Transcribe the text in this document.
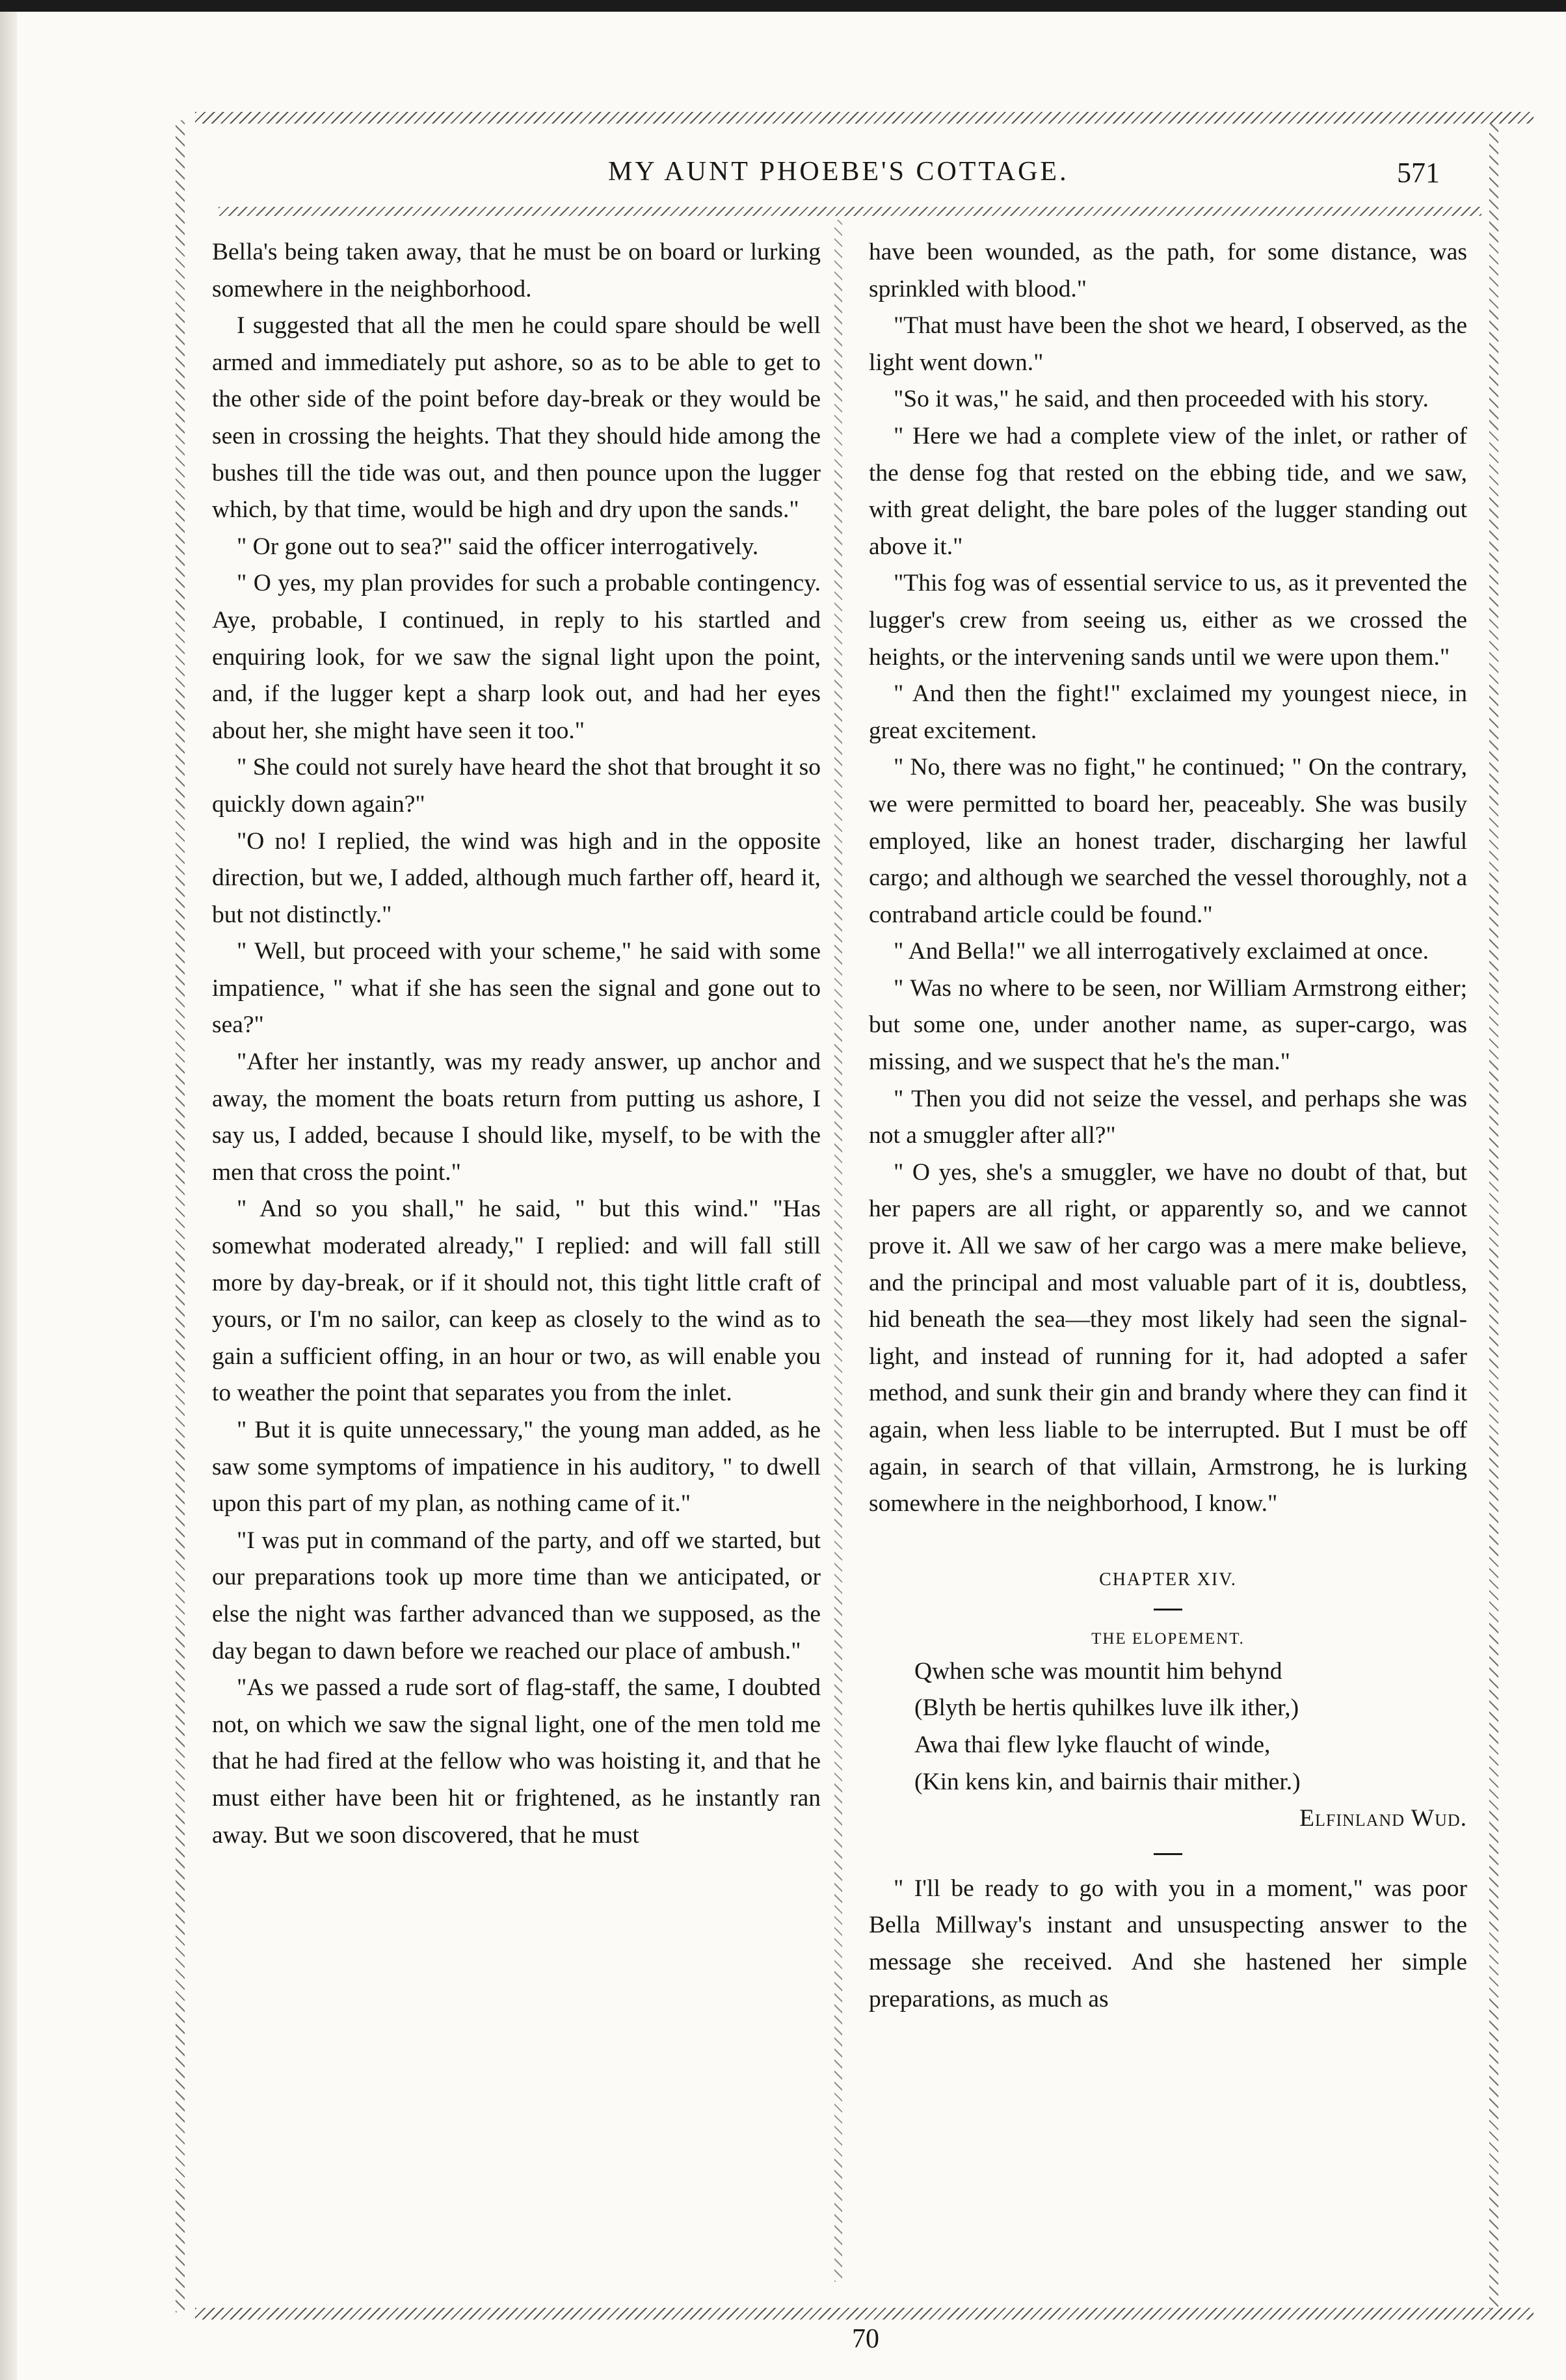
MY AUNT PHOEBE'S COTTAGE.	571

Bella's being taken away, that he must be on board or lurking somewhere in the neighborhood.

I suggested that all the men he could spare should be well armed and immediately put ashore, so as to be able to get to the other side of the point before day-break or they would be seen in crossing the heights. That they should hide among the bushes till the tide was out, and then pounce upon the lugger which, by that time, would be high and dry upon the sands."

" Or gone out to sea?" said the officer interrogatively.

" O yes, my plan provides for such a probable contingency. Aye, probable, I continued, in reply to his startled and enquiring look, for we saw the signal light upon the point, and, if the lugger kept a sharp look out, and had her eyes about her, she might have seen it too."

" She could not surely have heard the shot that brought it so quickly down again?"

"O no! I replied, the wind was high and in the opposite direction, but we, I added, although much farther off, heard it, but not distinctly."

" Well, but proceed with your scheme," he said with some impatience, " what if she has seen the signal and gone out to sea?"

"After her instantly, was my ready answer, up anchor and away, the moment the boats return from putting us ashore, I say us, I added, because I should like, myself, to be with the men that cross the point."

" And so you shall," he said, " but this wind." "Has somewhat moderated already," I replied: and will fall still more by day-break, or if it should not, this tight little craft of yours, or I'm no sailor, can keep as closely to the wind as to gain a sufficient offing, in an hour or two, as will enable you to weather the point that separates you from the inlet.

" But it is quite unnecessary," the young man added, as he saw some symptoms of impatience in his auditory, " to dwell upon this part of my plan, as nothing came of it."

"I was put in command of the party, and off we started, but our preparations took up more time than we anticipated, or else the night was farther advanced than we supposed, as the day began to dawn before we reached our place of ambush."

"As we passed a rude sort of flag-staff, the same, I doubted not, on which we saw the signal light, one of the men told me that he had fired at the fellow who was hoisting it, and that he must either have been hit or frightened, as he instantly ran away. But we soon discovered, that he must

have been wounded, as the path, for some distance, was sprinkled with blood."

"That must have been the shot we heard, I observed, as the light went down."

"So it was," he said, and then proceeded with his story.

" Here we had a complete view of the inlet, or rather of the dense fog that rested on the ebbing tide, and we saw, with great delight, the bare poles of the lugger standing out above it."

"This fog was of essential service to us, as it prevented the lugger's crew from seeing us, either as we crossed the heights, or the intervening sands until we were upon them."

" And then the fight!" exclaimed my youngest niece, in great excitement.

" No, there was no fight," he continued; " On the contrary, we were permitted to board her, peaceably. She was busily employed, like an honest trader, discharging her lawful cargo; and although we searched the vessel thoroughly, not a contraband article could be found."

" And Bella!" we all interrogatively exclaimed at once.

" Was no where to be seen, nor William Armstrong either; but some one, under another name, as super-cargo, was missing, and we suspect that he's the man."

" Then you did not seize the vessel, and perhaps she was not a smuggler after all?"

" O yes, she's a smuggler, we have no doubt of that, but her papers are all right, or apparently so, and we cannot prove it. All we saw of her cargo was a mere make believe, and the principal and most valuable part of it is, doubtless, hid beneath the sea—they most likely had seen the signal-light, and instead of running for it, had adopted a safer method, and sunk their gin and brandy where they can find it again, when less liable to be interrupted. But I must be off again, in search of that villain, Armstrong, he is lurking somewhere in the neighborhood, I know."

CHAPTER XIV.
THE ELOPEMENT.
Qwhen sche was mountit him behynd
(Blyth be hertis quhilkes luve ilk ither,)
Awa thai flew lyke flaucht of winde,
(Kin kens kin, and bairnis thair mither.)
Elfinland Wud.

" I'll be ready to go with you in a moment," was poor Bella Millway's instant and unsuspecting answer to the message she received. And she hastened her simple preparations, as much as

70
